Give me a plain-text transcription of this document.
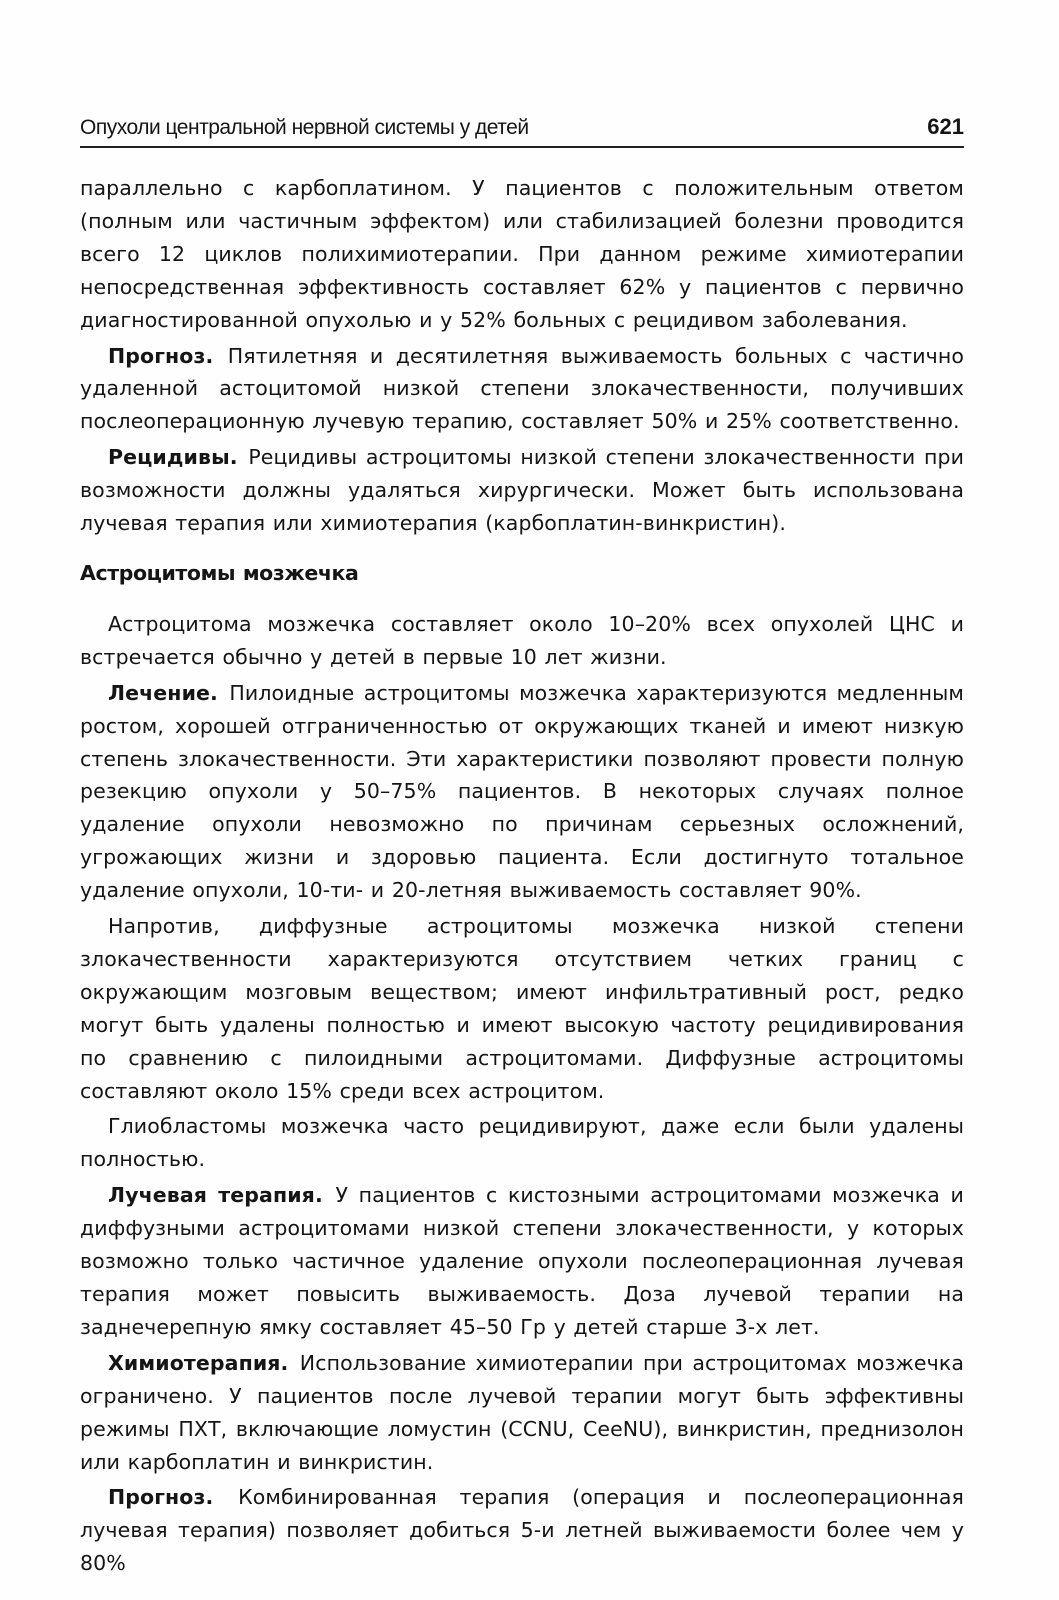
Опухоли центральной нервной системы у детей	621

параллельно с карбоплатином. У пациентов с положительным ответом (полным или частичным эффектом) или стабилизацией болезни проводится всего 12 циклов полихимиотерапии. При данном режиме химиотерапии непосредственная эффективность составляет 62% у пациентов с первично диагностированной опухолью и у 52% больных с рецидивом заболевания.

Прогноз. Пятилетняя и десятилетняя выживаемость больных с частично удаленной астоцитомой низкой степени злокачественности, получивших послеоперационную лучевую терапию, составляет 50% и 25% соответственно.

Рецидивы. Рецидивы астроцитомы низкой степени злокачественности при возможности должны удаляться хирургически. Может быть использована лучевая терапия или химиотерапия (карбоплатин-винкристин).

Астроцитомы мозжечка

Астроцитома мозжечка составляет около 10–20% всех опухолей ЦНС и встречается обычно у детей в первые 10 лет жизни.

Лечение. Пилоидные астроцитомы мозжечка характеризуются медленным ростом, хорошей отграниченностью от окружающих тканей и имеют низкую степень злокачественности. Эти характеристики позволяют провести полную резекцию опухоли у 50–75% пациентов. В некоторых случаях полное удаление опухоли невозможно по причинам серьезных осложнений, угрожающих жизни и здоровью пациента. Если достигнуто тотальное удаление опухоли, 10-ти- и 20-летняя выживаемость составляет 90%.

Напротив, диффузные астроцитомы мозжечка низкой степени злокачественности характеризуются отсутствием четких границ с окружающим мозговым веществом; имеют инфильтративный рост, редко могут быть удалены полностью и имеют высокую частоту рецидивирования по сравнению с пилоидными астроцитомами. Диффузные астроцитомы составляют около 15% среди всех астроцитом.

Глиобластомы мозжечка часто рецидивируют, даже если были удалены полностью.

Лучевая терапия. У пациентов с кистозными астроцитомами мозжечка и диффузными астроцитомами низкой степени злокачественности, у которых возможно только частичное удаление опухоли послеоперационная лучевая терапия может повысить выживаемость. Доза лучевой терапии на заднечерепную ямку составляет 45–50 Гр у детей старше 3-х лет.

Химиотерапия. Использование химиотерапии при астроцитомах мозжечка ограничено. У пациентов после лучевой терапии могут быть эффективны режимы ПХТ, включающие ломустин (CCNU, CeeNU), винкристин, преднизолон или карбоплатин и винкристин.

Прогноз. Комбинированная терапия (операция и послеоперационная лучевая терапия) позволяет добиться 5-и летней выживаемости более чем у 80%
